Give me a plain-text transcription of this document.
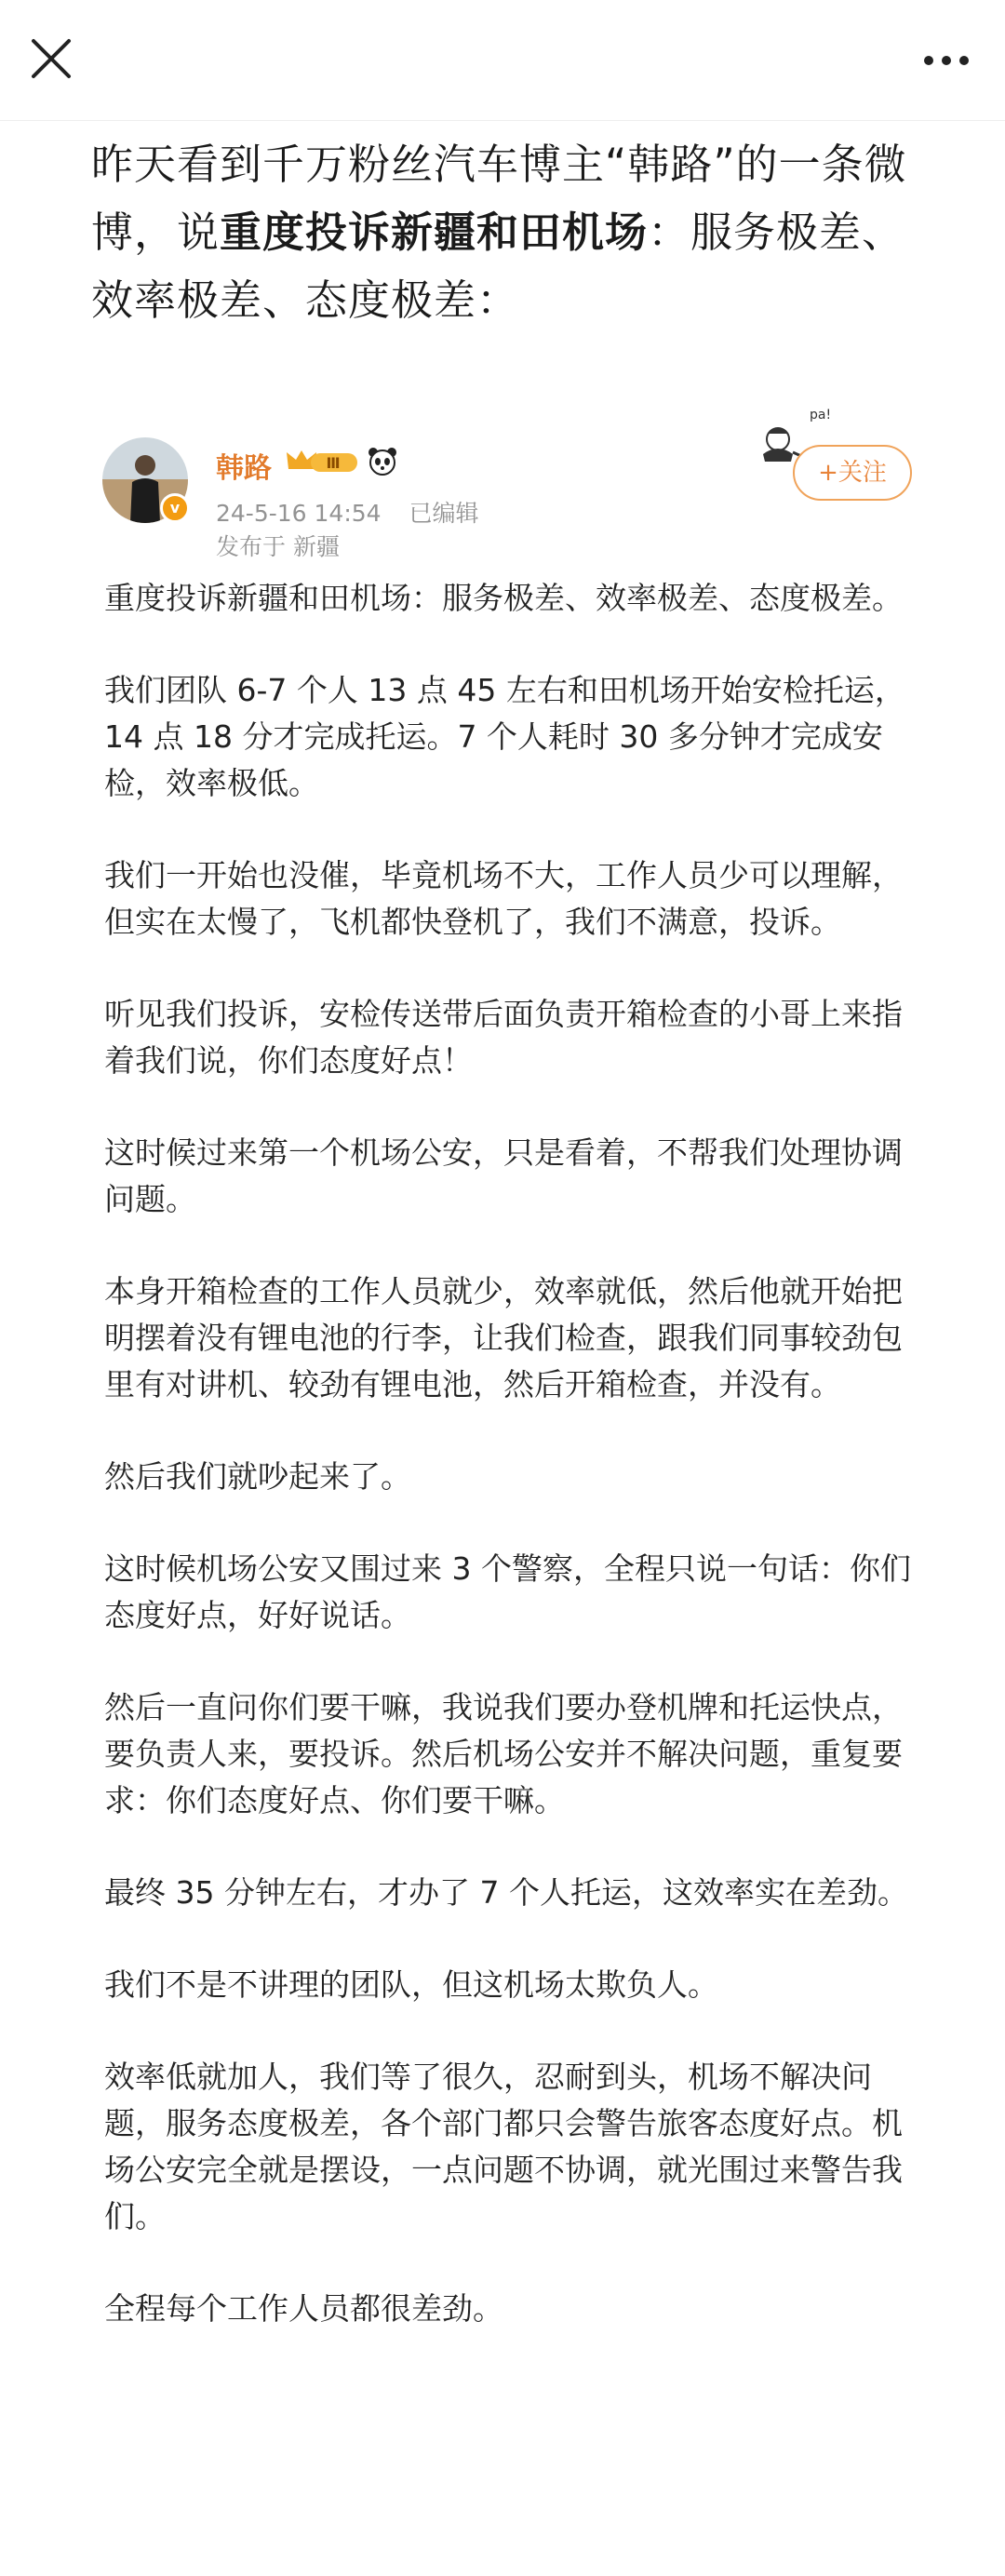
昨天看到千万粉丝汽车博主“韩路”的一条微博，说重度投诉新疆和田机场：服务极差、效率极差、态度极差：
v
韩路	Ⅲ
24-5-16 14:54 已编辑
发布于 新疆
pa!
+关注

重度投诉新疆和田机场：服务极差、效率极差、态度极差。

我们团队 6-7 个人 13 点 45 左右和田机场开始安检托运，14 点 18 分才完成托运。7 个人耗时 30 多分钟才完成安检，效率极低。

我们一开始也没催，毕竟机场不大，工作人员少可以理解，但实在太慢了，飞机都快登机了，我们不满意，投诉。

听见我们投诉，安检传送带后面负责开箱检查的小哥上来指着我们说，你们态度好点！

这时候过来第一个机场公安，只是看着，不帮我们处理协调问题。

本身开箱检查的工作人员就少，效率就低，然后他就开始把明摆着没有锂电池的行李，让我们检查，跟我们同事较劲包里有对讲机、较劲有锂电池，然后开箱检查，并没有。

然后我们就吵起来了。

这时候机场公安又围过来 3 个警察，全程只说一句话：你们态度好点，好好说话。

然后一直问你们要干嘛，我说我们要办登机牌和托运快点，要负责人来，要投诉。然后机场公安并不解决问题，重复要求：你们态度好点、你们要干嘛。

最终 35 分钟左右，才办了 7 个人托运，这效率实在差劲。

我们不是不讲理的团队，但这机场太欺负人。

效率低就加人，我们等了很久，忍耐到头，机场不解决问题，服务态度极差，各个部门都只会警告旅客态度好点。机场公安完全就是摆设，一点问题不协调，就光围过来警告我们。

全程每个工作人员都很差劲。
